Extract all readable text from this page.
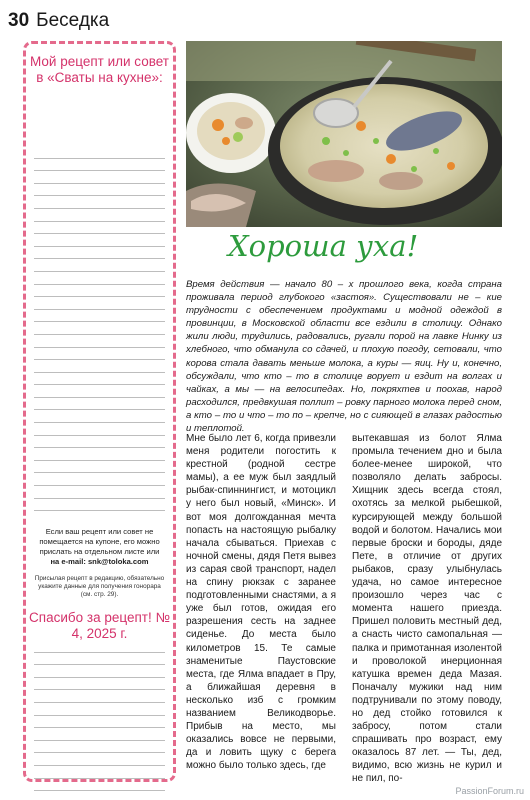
30 Беседка
Мой рецепт или совет в «Сваты на кухне»:
Если ваш рецепт или совет не помещается на купоне, его можно прислать на отдельном листе или
на e-mail: snk@toloka.com
Присылая рецепт в редакцию, обязательно укажите данные для получения гонорара (см. стр. 29).
Спасибо за рецепт! № 4, 2025 г.
Хороша уха!
Время действия — начало 80 – х прошлого века, когда страна проживала период глубокого «застоя». Существовали не – кие трудности с обеспечением продуктами и модной одеждой в провинции, в Московской области все ездили в столицу. Однако жили люди, трудились, радовались, ругали порой на лавке Нинку из хлебного, что обманула со сдачей, и плохую погоду, сетовали, что корова стала давать меньше молока, а куры — яиц. Ну и, конечно, обсуждали, что кто – то в столице ворует и ездит на волгах и чайках, а мы — на велосипедах. Но, покряхтев и поохав, народ расходился, предвкушая поллит – ровку парного молока перед сном, а кто – то и что – то по – крепче, но с сияющей в глазах радостью и теплотой.
Мне было лет 6, когда привезли меня родители погостить к крестной (родной сестре мамы), а ее муж был заядлый рыбак-спиннингист, и мотоцикл у него был новый, «Минск». И вот моя долгожданная мечта попасть на настоящую рыбалку начала сбываться. Приехав с ночной смены, дядя Петя вывез из сарая свой транспорт, надел на спину рюкзак с заранее подготовленными снастями, а я уже был готов, ожидая его разрешения сесть на заднее сиденье. До места было километров 15. Те самые знаменитые Паустовские места, где Ялма впадает в Пру, а ближайшая деревня в несколько изб с громким названием Великодворье. Прибыв на место, мы оказались вовсе не первыми, да и ловить щуку с берега можно было только здесь, где
вытекавшая из болот Ялма промыла течением дно и была более-менее широкой, что позволяло делать забросы. Хищник здесь всегда стоял, охотясь за мелкой рыбешкой, курсирующей между большой водой и болотом. Начались мои первые броски и бороды, дяде Пете, в отличие от других рыбаков, сразу улыбнулась удача, но самое интересное произошло через час с момента нашего приезда. Пришел половить местный дед, а снасть чисто самопальная — палка и примотанная изолентой и проволокой инерционная катушка времен деда Мазая. Поначалу мужики над ним подтрунивали по этому поводу, но дед стойко готовился к забросу, потом стали спрашивать про возраст, ему оказалось 87 лет. — Ты, дед, видимо, всю жизнь не курил и не пил, по-
PassionForum.ru
